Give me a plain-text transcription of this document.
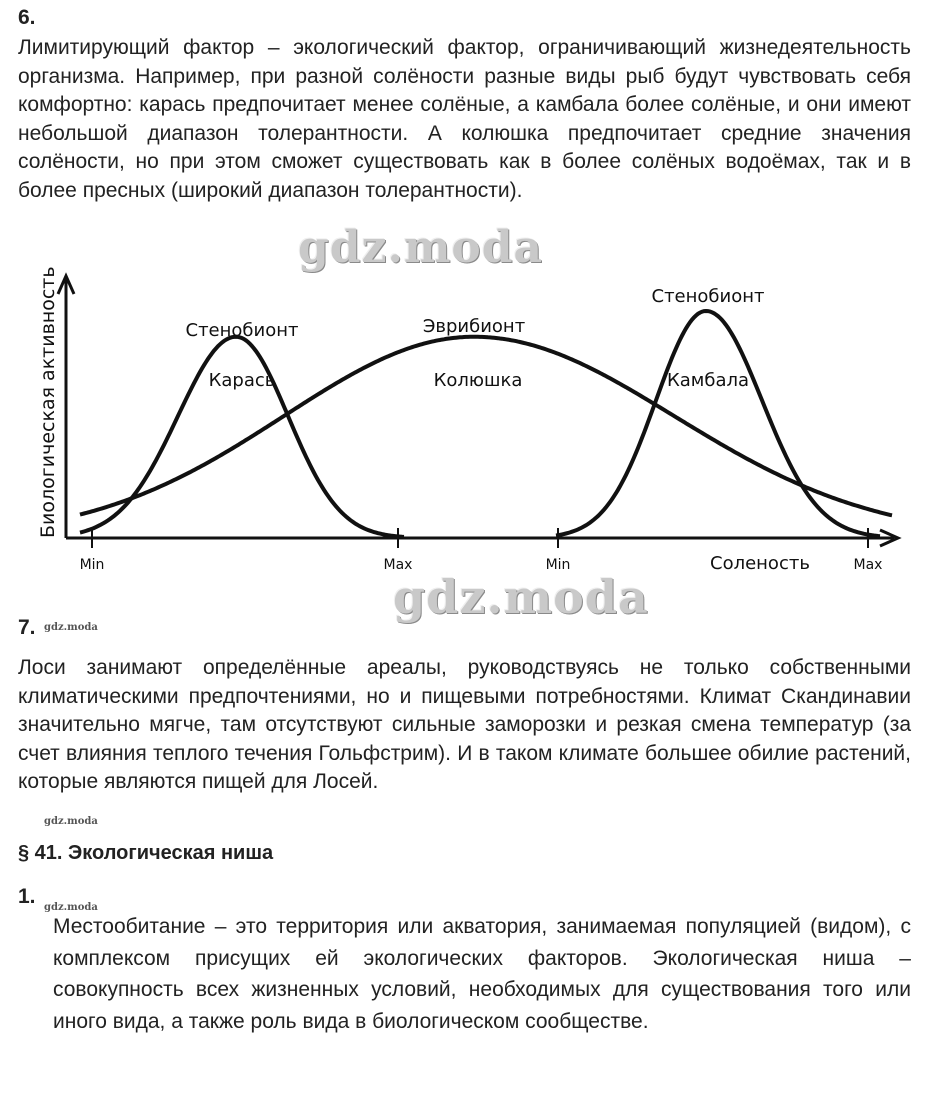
6.

Лимитирующий фактор – экологический фактор, ограничивающий жизнедеятельность организма. Например, при разной солёности разные виды рыб будут чувствовать себя комфортно: карась предпочитает менее солёные, а камбала более солёные, и они имеют небольшой диапазон толерантности. А колюшка предпочитает средние значения солёности, но при этом сможет существовать как в более солёных водоёмах, так и в более пресных (широкий диапазон толерантности).

gdz.moda
Биологическая активность
Соленость
Min	Max	Min	Max
Стенобионт
Карась
Эврибионт
Колюшка
Стенобионт
Камбала
gdz.moda
7. gdz.moda

Лоси занимают определённые ареалы, руководствуясь не только собственными климатическими предпочтениями, но и пищевыми потребностями. Климат Скандинавии значительно мягче, там отсутствуют сильные заморозки и резкая смена температур (за счет влияния теплого течения Гольфстрим). И в таком климате большее обилие растений, которые являются пищей для Лосей.

gdz.moda
§ 41. Экологическая ниша
1. gdz.moda

Местообитание – это территория или акватория, занимаемая популяцией (видом), с комплексом присущих ей экологических факторов. Экологическая ниша – совокупность всех жизненных условий, необходимых для существования того или иного вида, а также роль вида в биологическом сообществе.
